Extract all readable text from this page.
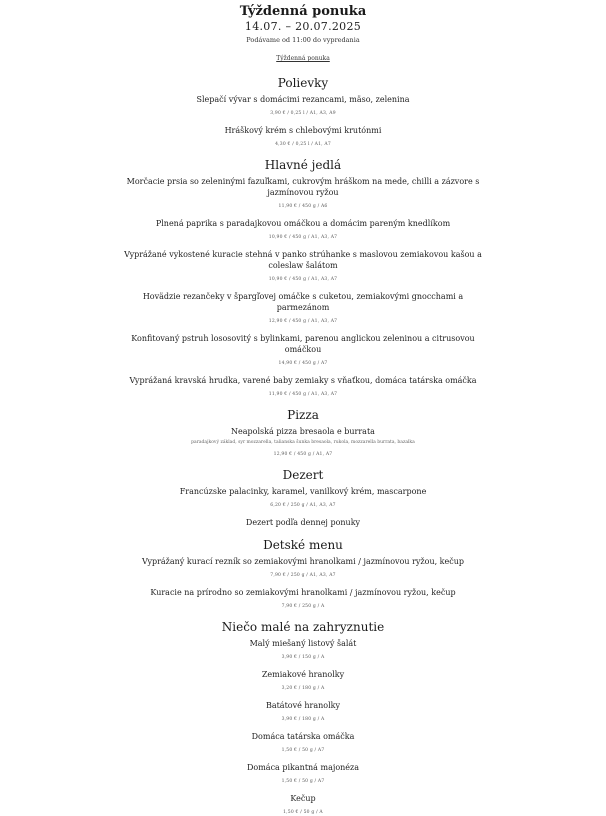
Týždenná ponuka
14.07. – 20.07.2025
Podávame od 11:00 do vypredania
Týždenná ponuka
Polievky
Slepačí vývar s domácimi rezancami, mäso, zelenina
3,90 € / 0,25 l / A1, A3, A9
Hráškový krém s chlebovými krutónmi
4,30 € / 0,25 l / A1, A7
Hlavné jedlá
Morčacie prsia so zeleninými fazuľkami, cukrovým hráškom na mede, chilli a zázvore s jazmínovou ryžou
11,90 € / 450 g / A6
Plnená paprika s paradajkovou omáčkou a domácim pareným knedlíkom
10,90 € / 450 g / A1, A3, A7
Vyprážané vykostené kuracie stehná v panko strúhanke s maslovou zemiakovou kašou a coleslaw šalátom
10,90 € / 450 g / A1, A3, A7
Hovädzie rezančeky v špargľovej omáčke s cuketou, zemiakovými gnocchami a parmezánom
12,90 € / 450 g / A1, A3, A7
Konfitovaný pstruh lososovitý s bylinkami, parenou anglickou zeleninou a citrusovou omáčkou
14,90 € / 450 g / A7
Vyprážaná kravská hrudka, varené baby zemiaky s vňaťkou, domáca tatárska omáčka
11,90 € / 450 g / A1, A3, A7
Pizza
Neapolská pizza bresaola e burrata
paradajkový základ, syr mozzarella, talianska šunka bresaola, rukola, mozzarella burrata, bazalka
12,90 € / 450 g / A1, A7
Dezert
Francúzske palacinky, karamel, vanilkový krém, mascarpone
6,20 € / 250 g / A1, A3, A7
Dezert podľa dennej ponuky
Detské menu
Vyprážaný kurací rezník so zemiakovými hranolkami / jazmínovou ryžou, kečup
7,90 € / 250 g / A1, A3, A7
Kuracie na prírodno so zemiakovými hranolkami / jazmínovou ryžou, kečup
7,90 € / 250 g / A
Niečo malé na zahryznutie
Malý miešaný listový šalát
3,90 € / 150 g / A
Zemiakové hranolky
3,20 € / 180 g / A
Batátové hranolky
3,90 € / 180 g / A
Domáca tatárska omáčka
1,50 € / 50 g / A7
Domáca pikantná majonéza
1,50 € / 50 g / A7
Kečup
1,50 € / 50 g / A
